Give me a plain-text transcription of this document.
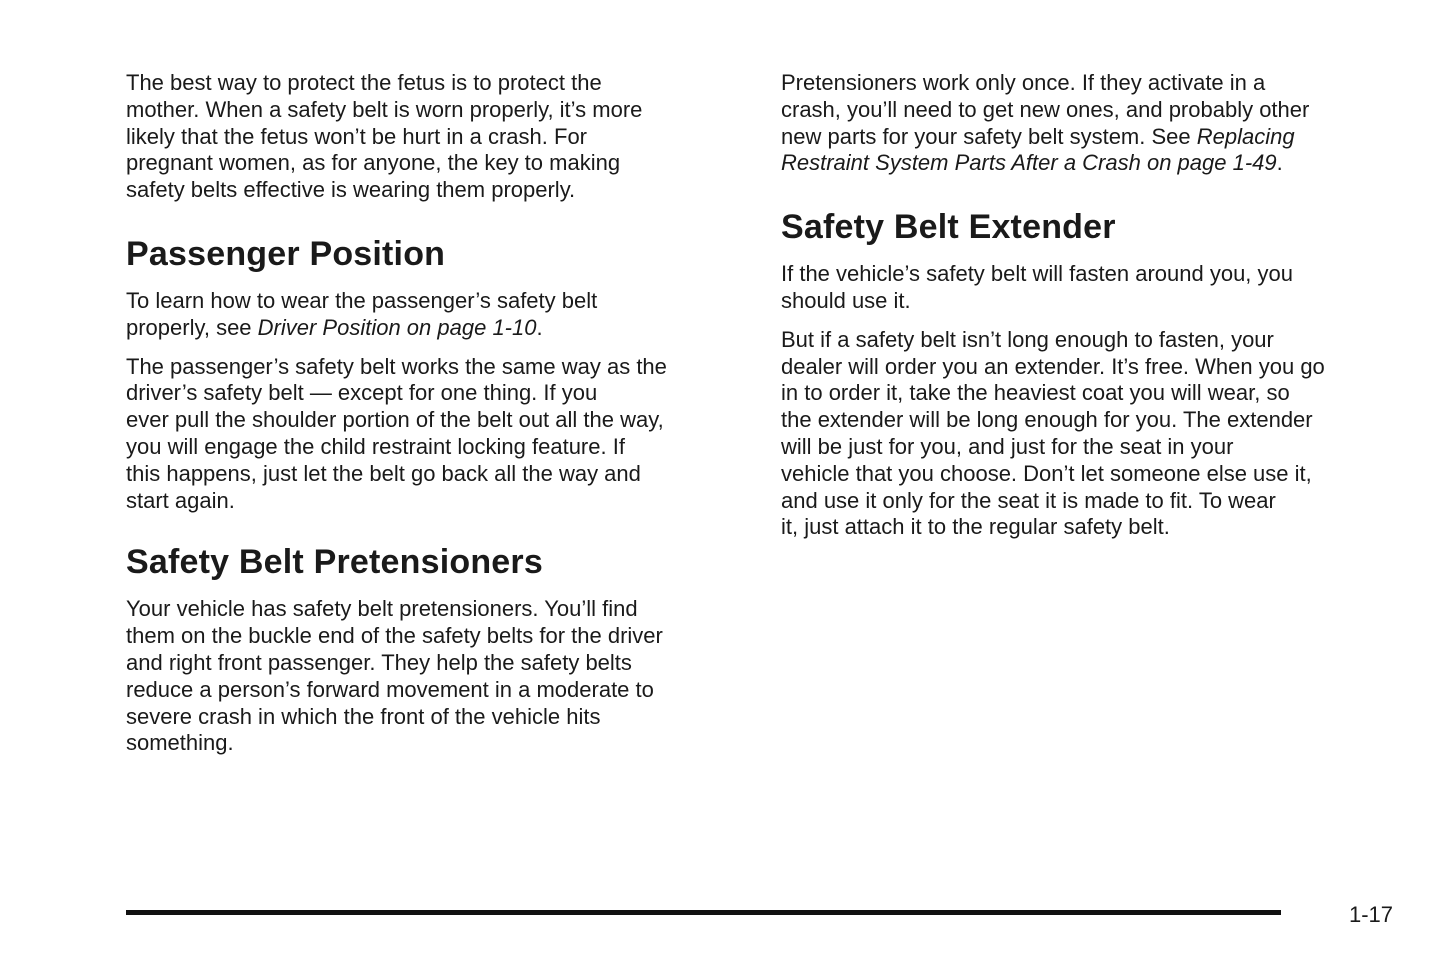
The best way to protect the fetus is to protect the
mother. When a safety belt is worn properly, it’s more
likely that the fetus won’t be hurt in a crash. For
pregnant women, as for anyone, the key to making
safety belts effective is wearing them properly.

Passenger Position

To learn how to wear the passenger’s safety belt
properly, see Driver Position on page 1-10.

The passenger’s safety belt works the same way as the
driver’s safety belt — except for one thing. If you
ever pull the shoulder portion of the belt out all the way,
you will engage the child restraint locking feature. If
this happens, just let the belt go back all the way and
start again.

Safety Belt Pretensioners

Your vehicle has safety belt pretensioners. You’ll find
them on the buckle end of the safety belts for the driver
and right front passenger. They help the safety belts
reduce a person’s forward movement in a moderate to
severe crash in which the front of the vehicle hits
something.

Pretensioners work only once. If they activate in a
crash, you’ll need to get new ones, and probably other
new parts for your safety belt system. See Replacing
Restraint System Parts After a Crash on page 1-49.

Safety Belt Extender

If the vehicle’s safety belt will fasten around you, you
should use it.

But if a safety belt isn’t long enough to fasten, your
dealer will order you an extender. It’s free. When you go
in to order it, take the heaviest coat you will wear, so
the extender will be long enough for you. The extender
will be just for you, and just for the seat in your
vehicle that you choose. Don’t let someone else use it,
and use it only for the seat it is made to fit. To wear
it, just attach it to the regular safety belt.

1-17
